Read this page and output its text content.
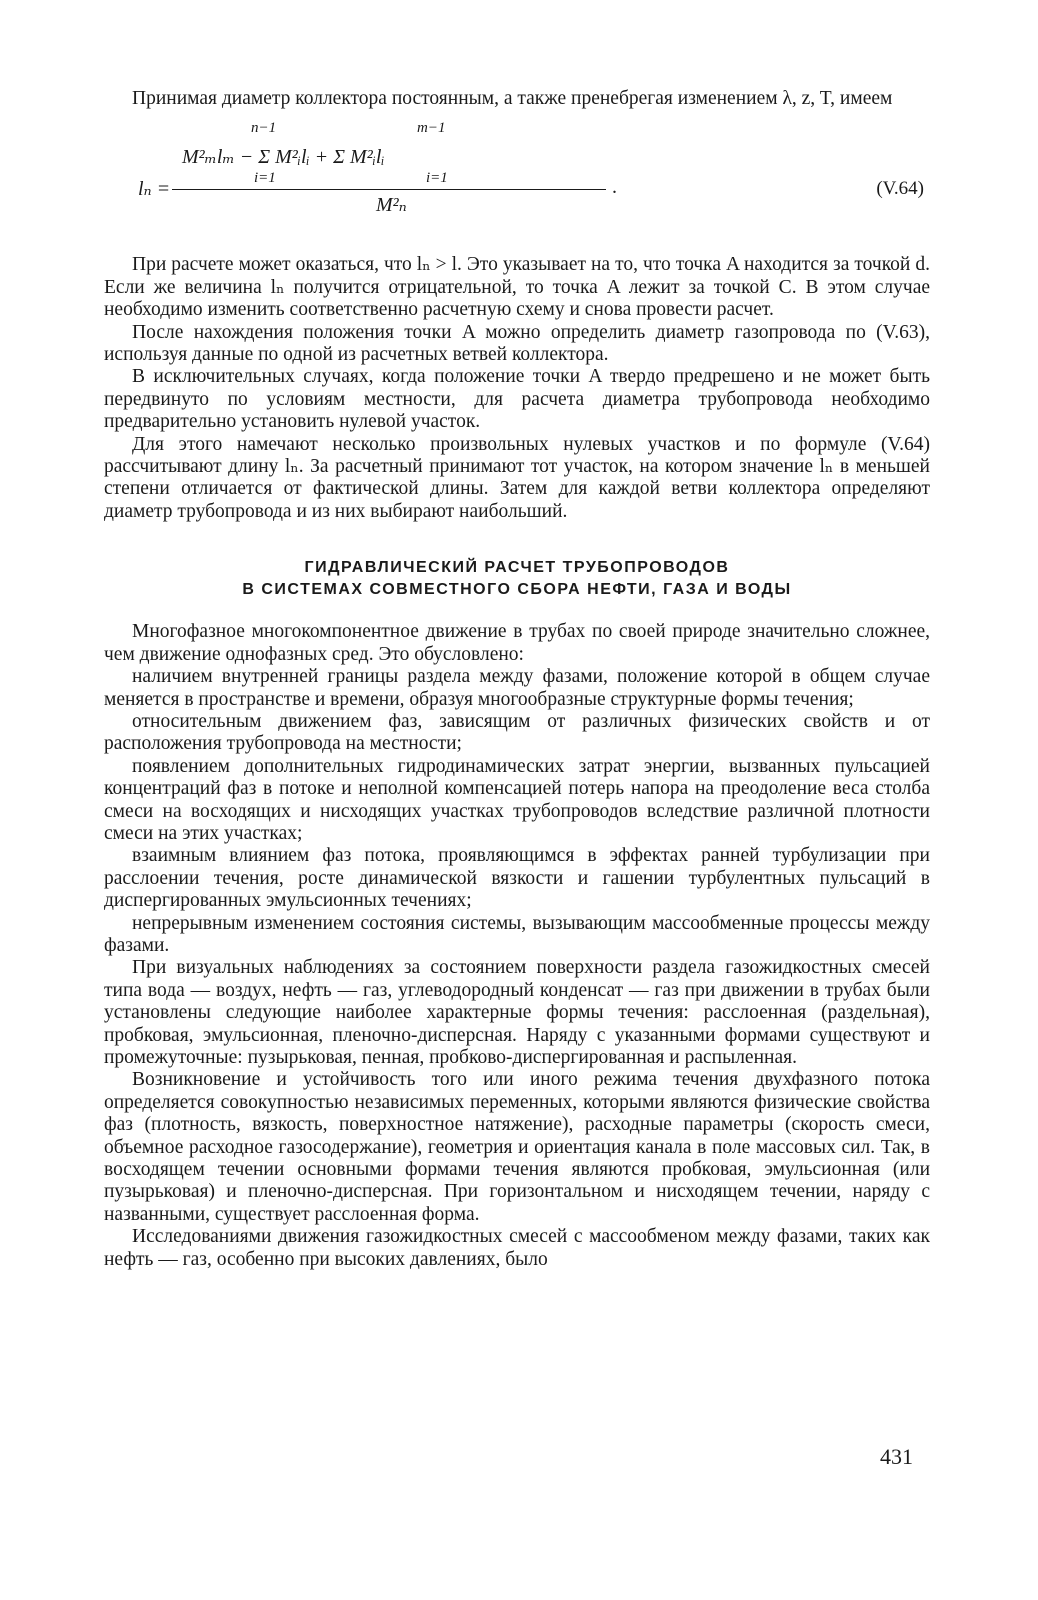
Принимая диаметр коллектора постоянным, а также пренебрегая изменением λ, z, T, имеем

n−1	m−1
M²ₘlₘ − Σ M²ᵢlᵢ + Σ M²ᵢlᵢ
i=1	i=1
lₙ =	.
M²ₙ
(V.64)

При расчете может оказаться, что lₙ > l. Это указывает на то, что точка A находится за точкой d. Если же величина lₙ получится отрицательной, то точка A лежит за точкой C. В этом случае необходимо изменить соответственно расчетную схему и снова провести расчет.

После нахождения положения точки A можно определить диаметр газопровода по (V.63), используя данные по одной из расчетных ветвей коллектора.

В исключительных случаях, когда положение точки A твердо предрешено и не может быть передвинуто по условиям местности, для расчета диаметра трубопровода необходимо предварительно установить нулевой участок.

Для этого намечают несколько произвольных нулевых участков и по формуле (V.64) рассчитывают длину lₙ. За расчетный принимают тот участок, на котором значение lₙ в меньшей степени отличается от фактической длины. Затем для каждой ветви коллектора определяют диаметр трубопровода и из них выбирают наибольший.

ГИДРАВЛИЧЕСКИЙ РАСЧЕТ ТРУБОПРОВОДОВ
В СИСТЕМАХ СОВМЕСТНОГО СБОРА НЕФТИ, ГАЗА И ВОДЫ

Многофазное многокомпонентное движение в трубах по своей природе значительно сложнее, чем движение однофазных сред. Это обусловлено:

наличием внутренней границы раздела между фазами, положение которой в общем случае меняется в пространстве и времени, образуя многообразные структурные формы течения;

относительным движением фаз, зависящим от различных физических свойств и от расположения трубопровода на местности;

появлением дополнительных гидродинамических затрат энергии, вызванных пульсацией концентраций фаз в потоке и неполной компенсацией потерь напора на преодоление веса столба смеси на восходящих и нисходящих участках трубопроводов вследствие различной плотности смеси на этих участках;

взаимным влиянием фаз потока, проявляющимся в эффектах ранней турбулизации при расслоении течения, росте динамической вязкости и гашении турбулентных пульсаций в диспергированных эмульсионных течениях;

непрерывным изменением состояния системы, вызывающим массообменные процессы между фазами.

При визуальных наблюдениях за состоянием поверхности раздела газожидкостных смесей типа вода — воздух, нефть — газ, углеводородный конденсат — газ при движении в трубах были установлены следующие наиболее характерные формы течения: расслоенная (раздельная), пробковая, эмульсионная, пленочно-дисперсная. Наряду с указанными формами существуют и промежуточные: пузырьковая, пенная, пробково-диспергированная и распыленная.

Возникновение и устойчивость того или иного режима течения двухфазного потока определяется совокупностью независимых переменных, которыми являются физические свойства фаз (плотность, вязкость, поверхностное натяжение), расходные параметры (скорость смеси, объемное расходное газосодержание), геометрия и ориентация канала в поле массовых сил. Так, в восходящем течении основными формами течения являются пробковая, эмульсионная (или пузырьковая) и пленочно-дисперсная. При горизонтальном и нисходящем течении, наряду с названными, существует расслоенная форма.

Исследованиями движения газожидкостных смесей с массообменом между фазами, таких как нефть — газ, особенно при высоких давлениях, было

431
